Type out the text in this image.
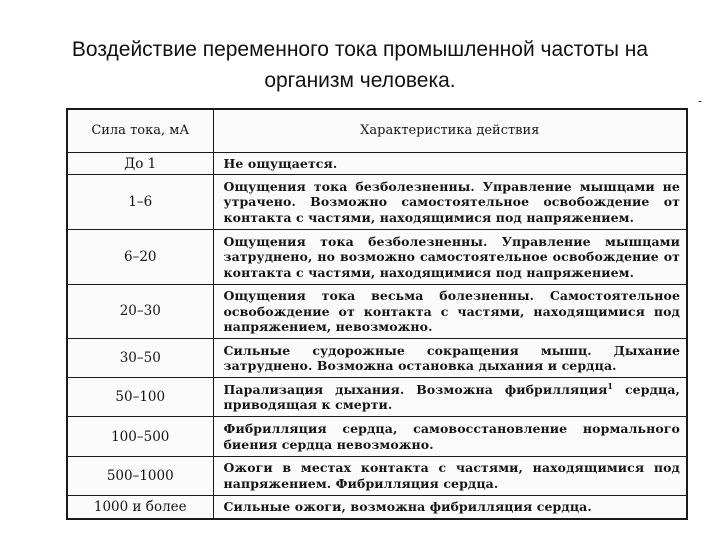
Воздействие переменного тока промышленной частоты на организм человека.
-
Сила тока, мА	Характеристика действия
До 1	Не ощущается.
1–6	Ощущения тока безболезненны. Управление мышцами не утрачено. Возможно самостоятельное освобождение от контакта с частями, находящимися под напряжением.
6–20	Ощущения тока безболезненны. Управление мышцами затруднено, но возможно самостоятельное освобождение от контакта с частями, находящимися под напряжением.
20–30	Ощущения тока весьма болезненны. Самостоятельное освобождение от контакта с частями, находящимися под напряжением, невозможно.
30–50	Сильные судорожные сокращения мышц. Дыхание затруднено. Возможна остановка дыхания и сердца.
50–100	Парализация дыхания. Возможна фибрилляция$^1$ сердца, приводящая к смерти.
100–500	Фибрилляция сердца, самовосстановление нормального биения сердца невозможно.
500–1000	Ожоги в местах контакта с частями, находящимися под напряжением. Фибрилляция сердца.
1000 и более	Сильные ожоги, возможна фибрилляция сердца.
